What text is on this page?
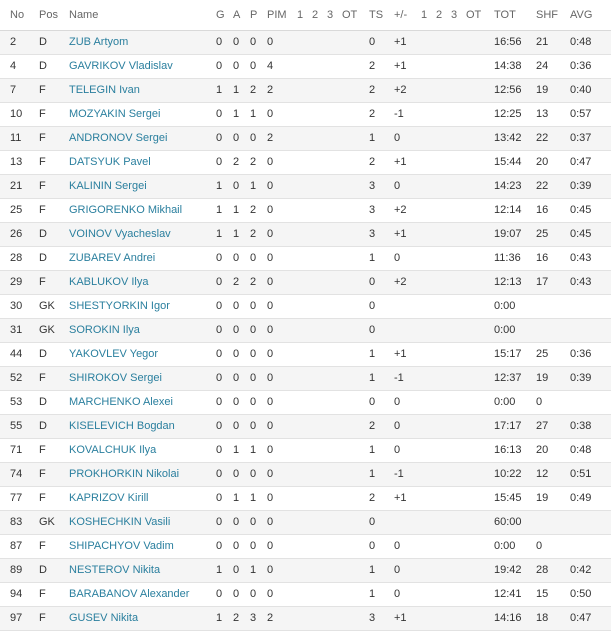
No	Pos	Name	G A P PIM 1 2 3 OT	TS +/-	1 2 3 OT	TOT	SHF AVG
2	D	ZUB Artyom	0 0 0 0	0	+1	16:56	21	0:48
4	D	GAVRIKOV Vladislav	0 0 0 4	2	+1	14:38	24	0:36
7	F	TELEGIN Ivan	1 1 2 2	2	+2	12:56	19	0:40
10	F	MOZYAKIN Sergei	0 1 1 0	2	-1	12:25	13	0:57
11	F	ANDRONOV Sergei	0 0 0 2	1	0	13:42	22	0:37
13	F	DATSYUK Pavel	0 2 2 0	2	+1	15:44	20	0:47
21	F	KALININ Sergei	1 0 1 0	3	0	14:23	22	0:39
25	F	GRIGORENKO Mikhail	1 1 2 0	3	+2	12:14	16	0:45
26	D	VOINOV Vyacheslav	1 1 2 0	3	+1	19:07	25	0:45
28	D	ZUBAREV Andrei	0 0 0 0	1	0	11:36	16	0:43
29	F	KABLUKOV Ilya	0 2 2 0	0	+2	12:13	17	0:43
30	GK	SHESTYORKIN Igor	0 0 0 0	0	0:00
31	GK	SOROKIN Ilya	0 0 0 0	0	0:00
44	D	YAKOVLEV Yegor	0 0 0 0	1	+1	15:17	25	0:36
52	F	SHIROKOV Sergei	0 0 0 0	1	-1	12:37	19	0:39
53	D	MARCHENKO Alexei	0 0 0 0	0	0	0:00	0
55	D	KISELEVICH Bogdan	0 0 0 0	2	0	17:17	27	0:38
71	F	KOVALCHUK Ilya	0 1 1 0	1	0	16:13	20	0:48
74	F	PROKHORKIN Nikolai	0 0 0 0	1	-1	10:22	12	0:51
77	F	KAPRIZOV Kirill	0 1 1 0	2	+1	15:45	19	0:49
83	GK	KOSHECHKIN Vasili	0 0 0 0	0	60:00
87	F	SHIPACHYOV Vadim	0 0 0 0	0	0	0:00	0
89	D	NESTEROV Nikita	1 0 1 0	1	0	19:42	28	0:42
94	F	BARABANOV Alexander	0 0 0 0	1	0	12:41	15	0:50
97	F	GUSEV Nikita	1 2 3 2	3	+1	14:16	18	0:47
